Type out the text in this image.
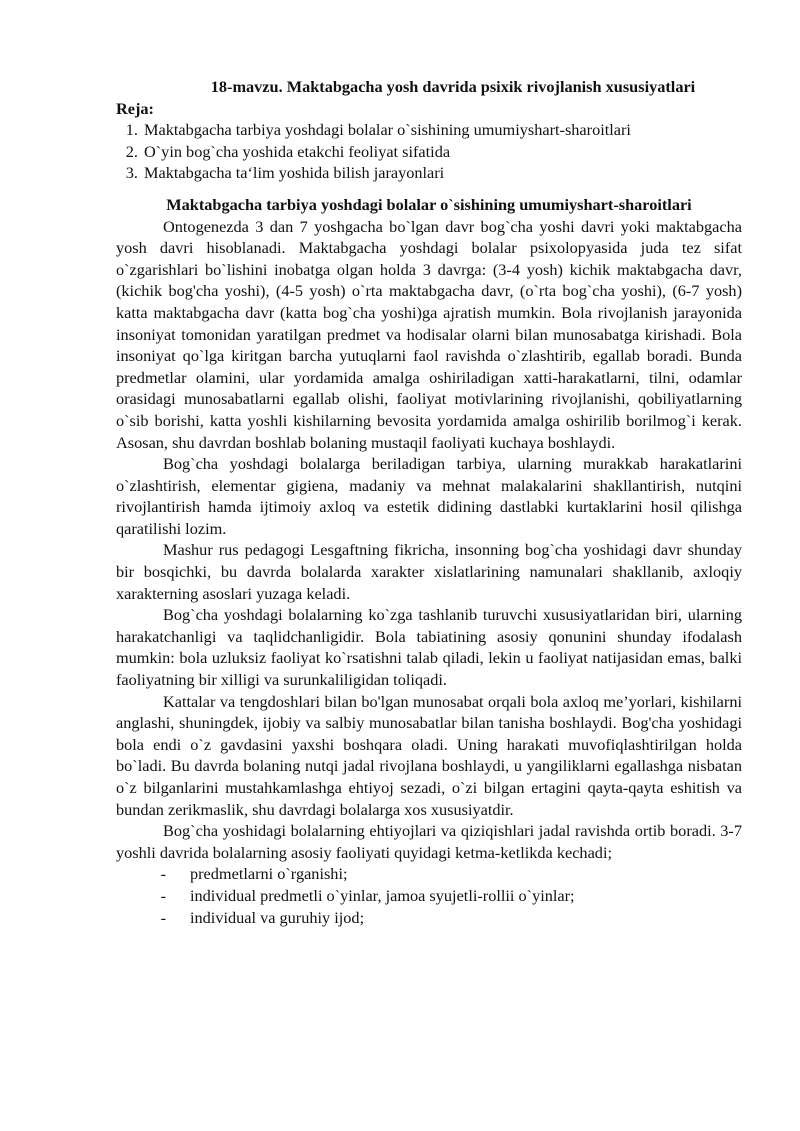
18-mavzu. Maktabgacha yosh davrida psixik rivojlanish xususiyatlari
Reja:
1. Maktabgacha tarbiya yoshdagi bolalar o`sishining umumiyshart-sharoitlari
2. O`yin bog`cha yoshida etakchi feoliyat sifatida
3. Maktabgacha ta‘lim yoshida bilish jarayonlari
Maktabgacha tarbiya yoshdagi bolalar o`sishining umumiyshart-sharoitlari

Ontogenezda 3 dan 7 yoshgacha bo`lgan davr bog`cha yoshi davri yoki maktabgacha yosh davri hisoblanadi. Maktabgacha yoshdagi bolalar psixolopyasida juda tez sifat o`zgarishlari bo`lishini inobatga olgan holda 3 davrga: (3-4 yosh) kichik maktabgacha davr, (kichik bog'cha yoshi), (4-5 yosh) o`rta maktabgacha davr, (o`rta bog`cha yoshi), (6-7 yosh) katta maktabgacha davr (katta bog`cha yoshi)ga ajratish mumkin. Bola rivojlanish jarayonida insoniyat tomonidan yaratilgan predmet va hodisalar olarni bilan munosabatga kirishadi. Bola insoniyat qo`lga kiritgan barcha yutuqlarni faol ravishda o`zlashtirib, egallab boradi. Bunda predmetlar olamini, ular yordamida amalga oshiriladigan xatti-harakatlarni, tilni, odamlar orasidagi munosabatlarni egallab olishi, faoliyat motivlarining rivojlanishi, qobiliyatlarning o`sib borishi, katta yoshli kishilarning bevosita yordamida amalga oshirilib borilmog`i kerak. Asosan, shu davrdan boshlab bolaning mustaqil faoliyati kuchaya boshlaydi.

Bog`cha yoshdagi bolalarga beriladigan tarbiya, ularning murakkab harakatlarini o`zlashtirish, elementar gigiena, madaniy va mehnat malakalarini shakllantirish, nutqini rivojlantirish hamda ijtimoiy axloq va estetik didining dastlabki kurtaklarini hosil qilishga qaratilishi lozim.

Mashur rus pedagogi Lesgaftning fikricha, insonning bog`cha yoshidagi davr shunday bir bosqichki, bu davrda bolalarda xarakter xislatlarining namunalari shakllanib, axloqiy xarakterning asoslari yuzaga keladi.

Bog`cha yoshdagi bolalarning ko`zga tashlanib turuvchi xususiyatlaridan biri, ularning harakatchanligi va taqlidchanligidir. Bola tabiatining asosiy qonunini shunday ifodalash mumkin: bola uzluksiz faoliyat ko`rsatishni talab qiladi, lekin u faoliyat natijasidan emas, balki faoliyatning bir xilligi va surunkaliligidan toliqadi.

Kattalar va tengdoshlari bilan bo'lgan munosabat orqali bola axloq me’yorlari, kishilarni anglashi, shuningdek, ijobiy va salbiy munosabatlar bilan tanisha boshlaydi. Bog'cha yoshidagi bola endi o`z gavdasini yaxshi boshqara oladi. Uning harakati muvofiqlashtirilgan holda bo`ladi. Bu davrda bolaning nutqi jadal rivojlana boshlaydi, u yangiliklarni egallashga nisbatan o`z bilganlarini mustahkamlashga ehtiyoj sezadi, o`zi bilgan ertagini qayta-qayta eshitish va bundan zerikmaslik, shu davrdagi bolalarga xos xususiyatdir.

Bog`cha yoshidagi bolalarning ehtiyojlari va qiziqishlari jadal ravishda ortib boradi. 3-7 yoshli davrida bolalarning asosiy faoliyati quyidagi ketma-ketlikda kechadi;

-	predmetlarni o`rganishi;
-	individual predmetli o`yinlar, jamoa syujetli-rollii o`yinlar;
-	individual va guruhiy ijod;
